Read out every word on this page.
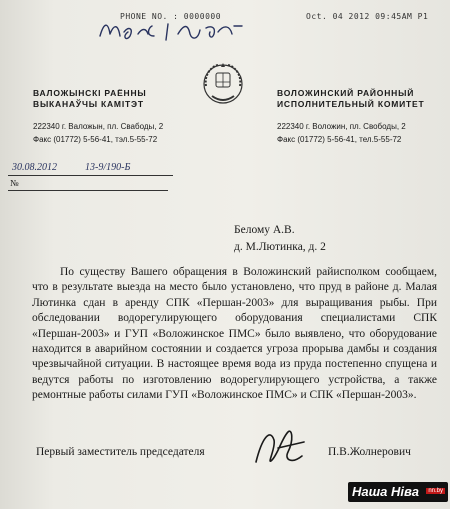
PHONE NO. : 0000000	Oct. 04 2012 09:45AM P1
ВАЛОЖЫНСКІ РАЁННЫ
ВЫКАНАЎЧЫ КАМІТЭТ
ВОЛОЖИНСКИЙ РАЙОННЫЙ
ИСПОЛНИТЕЛЬНЫЙ КОМИТЕТ
222340 г. Валожын, пл. Свабоды, 2
Факс (01772) 5-56-41, тэл.5-55-72
222340 г. Воложин, пл. Свободы, 2
Факс (01772) 5-56-41, тел.5-55-72
30.08.2012	13-9/190-Б
№
Белому А.В.
д. М.Лютинка, д. 2

По существу Вашего обращения в Воложинский райисполком сообщаем, что в результате выезда на место было установлено, что пруд в районе д. Малая Лютинка сдан в аренду СПК «Першан-2003» для выращивания рыбы. При обследовании водорегулирующего оборудования специалистами СПК «Першан-2003» и ГУП «Воложинское ПМС» было выявлено, что оборудование находится в аварийном состоянии и создается угроза прорыва дамбы и создания чрезвычайной ситуации. В настоящее время вода из пруда постепенно спущена и ведутся работы по изготовлению водорегулирующего устройства, а также ремонтные работы силами ГУП «Воложинское ПМС» и СПК «Першан-2003».

Первый заместитель председателя	П.В.Жолнерович
Наша Ніва	nn.by
